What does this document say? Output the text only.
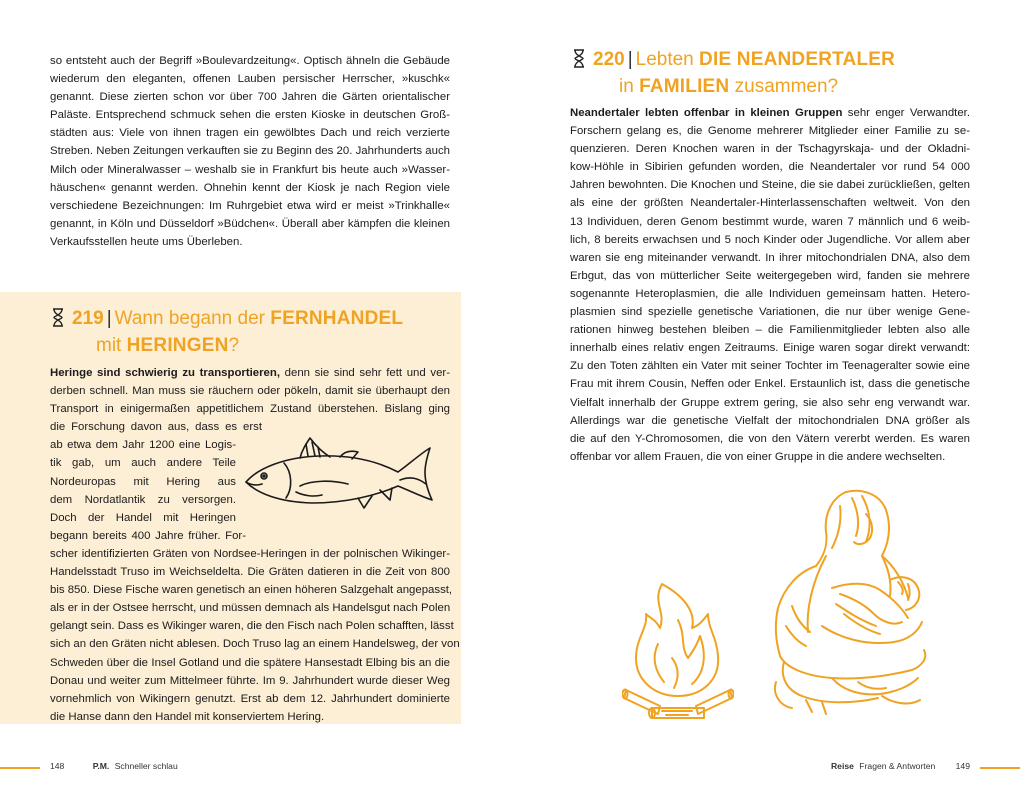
so entsteht auch der Begriff »Boulevardzeitung«. Optisch ähneln die Gebäude
wiederum den eleganten, offenen Lauben persischer Herrscher, »kuschk«
genannt. Diese zierten schon vor über 700 Jahren die Gärten orientalischer
Paläste. Entsprechend schmuck sehen die ersten Kioske in deutschen Groß-
städten aus: Viele von ihnen tragen ein gewölbtes Dach und reich verzierte
Streben. Neben Zeitungen verkauften sie zu Beginn des 20. Jahrhunderts auch
Milch oder Mineralwasser – weshalb sie in Frankfurt bis heute auch »Wasser-
häuschen« genannt werden. Ohnehin kennt der Kiosk je nach Region viele
verschiedene Bezeichnungen: Im Ruhrgebiet etwa wird er meist »Trinkhalle«
genannt, in Köln und Düsseldorf »Büdchen«. Überall aber kämpfen die kleinen
Verkaufsstellen heute ums Überleben.
219 | Wann begann der FERNHANDEL
mit HERINGEN?
Heringe sind schwierig zu transportieren, denn sie sind sehr fett und ver-
derben schnell. Man muss sie räuchern oder pökeln, damit sie überhaupt den
Transport in einigermaßen appetitlichem Zustand überstehen. Bislang ging
die Forschung davon aus, dass es erst
ab etwa dem Jahr 1200 eine Logis-
tik gab, um auch andere Teile
Nordeuropas mit Hering aus
dem Nordatlantik zu versorgen.
Doch der Handel mit Heringen
begann bereits 400 Jahre früher. For-
scher identifizierten Gräten von Nordsee-Heringen in der polnischen Wikinger-
Handelsstadt Truso im Weichseldelta. Die Gräten datieren in die Zeit von 800
bis 850. Diese Fische waren genetisch an einen höheren Salzgehalt angepasst,
als er in der Ostsee herrscht, und müssen demnach als Handelsgut nach Polen
gelangt sein. Dass es Wikinger waren, die den Fisch nach Polen schafften, lässt
sich an den Gräten nicht ablesen. Doch Truso lag an einem Handelsweg, der von
Schweden über die Insel Gotland und die spätere Hansestadt Elbing bis an die
Donau und weiter zum Mittelmeer führte. Im 9. Jahrhundert wurde dieser Weg
vornehmlich von Wikingern genutzt. Erst ab dem 12. Jahrhundert dominierte
die Hanse dann den Handel mit konserviertem Hering.
220 | Lebten DIE NEANDERTALER
in FAMILIEN zusammen?
Neandertaler lebten offenbar in kleinen Gruppen sehr enger Verwandter.
Forschern gelang es, die Genome mehrerer Mitglieder einer Familie zu se-
quenzieren. Deren Knochen waren in der Tschagyrskaja- und der Okladni-
kow-Höhle in Sibirien gefunden worden, die Neandertaler vor rund 54 000
Jahren bewohnten. Die Knochen und Steine, die sie dabei zurückließen, gelten
als eine der größten Neandertaler-Hinterlassenschaften weltweit. Von den
13 Individuen, deren Genom bestimmt wurde, waren 7 männlich und 6 weib-
lich, 8 bereits erwachsen und 5 noch Kinder oder Jugendliche. Vor allem aber
waren sie eng miteinander verwandt. In ihrer mitochondrialen DNA, also dem
Erbgut, das von mütterlicher Seite weitergegeben wird, fanden sie mehrere
sogenannte Heteroplasmien, die alle Individuen gemeinsam hatten. Hetero-
plasmien sind spezielle genetische Variationen, die nur über wenige Gene-
rationen hinweg bestehen bleiben – die Familienmitglieder lebten also alle
innerhalb eines relativ engen Zeitraums. Einige waren sogar direkt verwandt:
Zu den Toten zählten ein Vater mit seiner Tochter im Teenageralter sowie eine
Frau mit ihrem Cousin, Neffen oder Enkel. Erstaunlich ist, dass die genetische
Vielfalt innerhalb der Gruppe extrem gering, sie also sehr eng verwandt war.
Allerdings war die genetische Vielfalt der mitochondrialen DNA größer als
die auf den Y-Chromosomen, die von den Vätern vererbt werden. Es waren
offenbar vor allem Frauen, die von einer Gruppe in die andere wechselten.
148	P.M. Schneller schlau	Reise Fragen & Antworten 149
